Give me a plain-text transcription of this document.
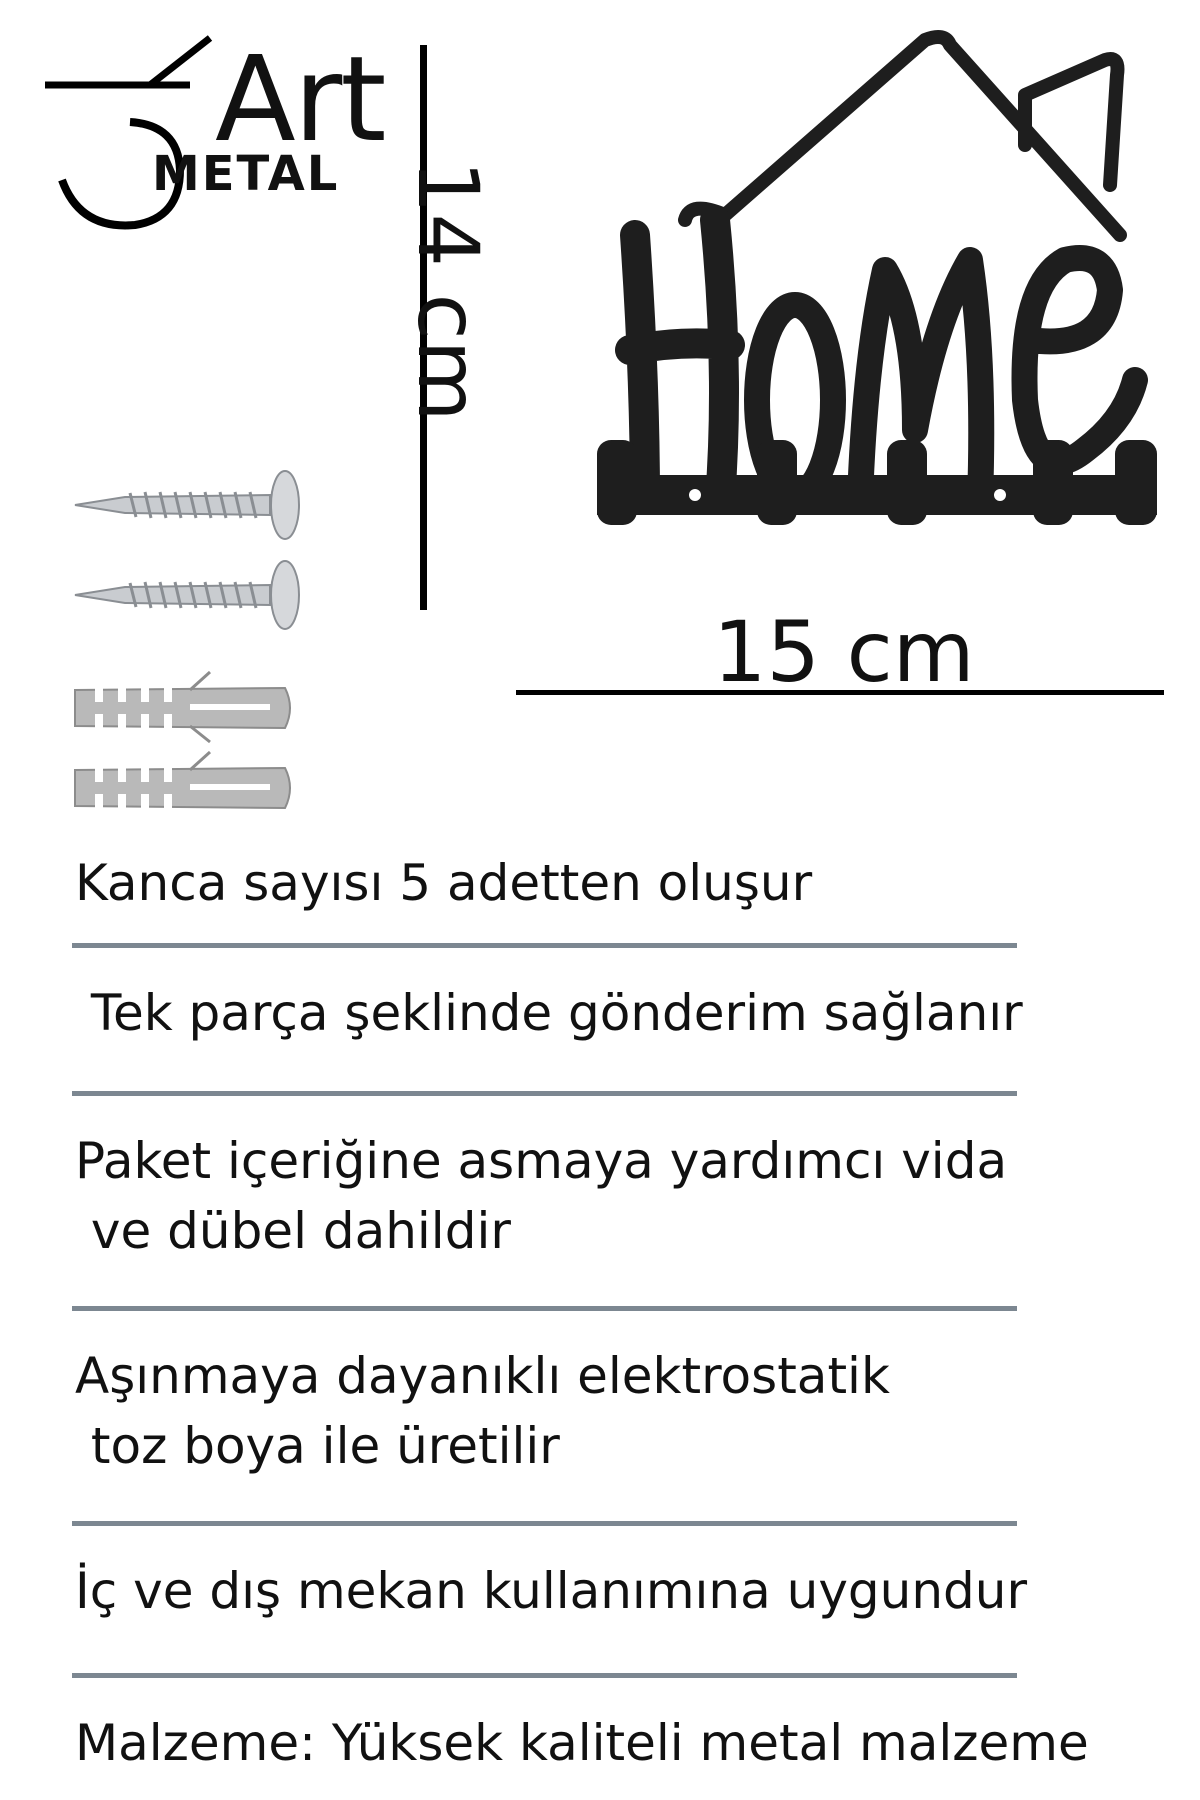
Art
METAL 14 cm
15 cm
Kanca sayısı 5 adetten oluşur
Tek parça şeklinde gönderim sağlanır
Paket içeriğine asmaya yardımcı vida
ve dübel dahildir
Aşınmaya dayanıklı elektrostatik
toz boya ile üretilir
İç ve dış mekan kullanımına uygundur
Malzeme: Yüksek kaliteli metal malzeme
